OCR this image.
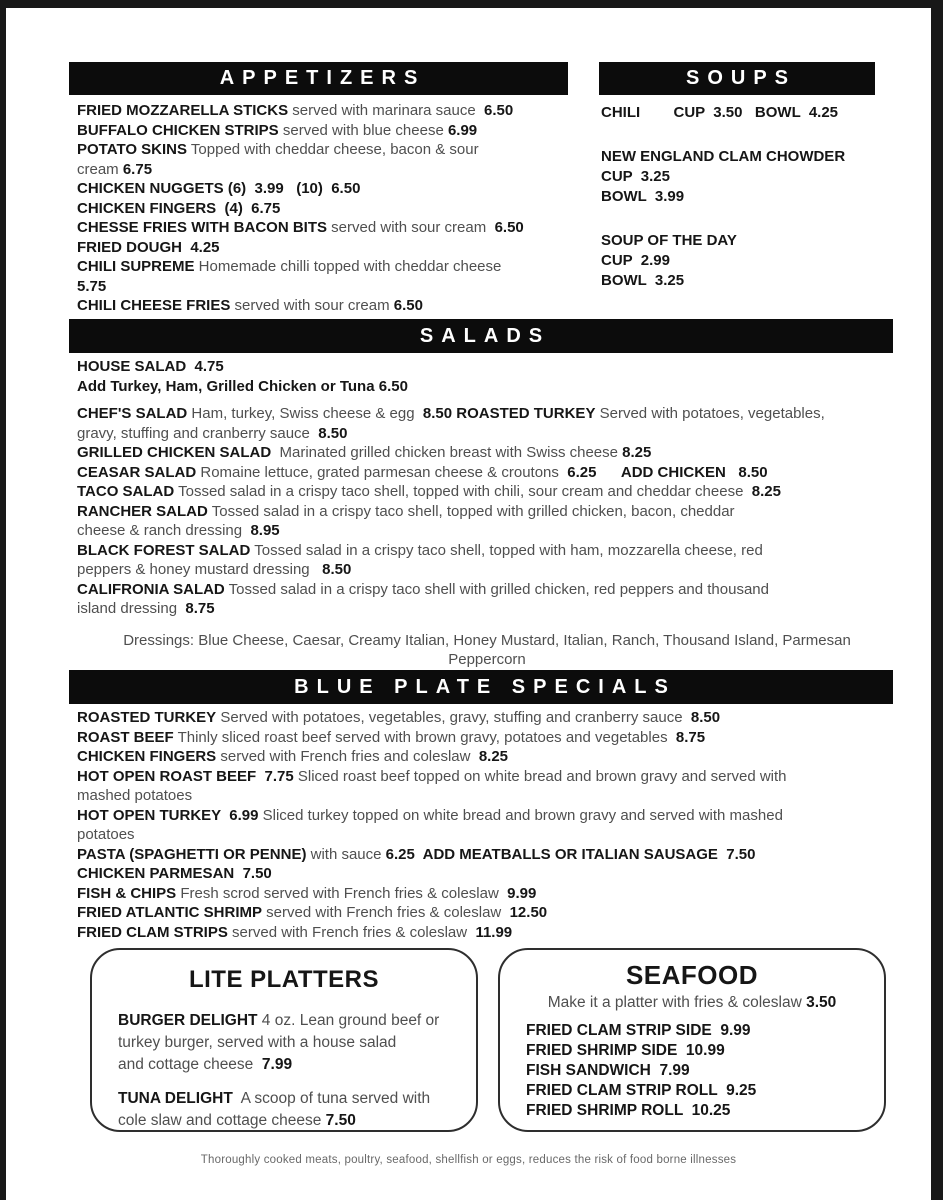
APPETIZERS
FRIED MOZZARELLA STICKS served with marinara sauce  6.50
BUFFALO CHICKEN STRIPS served with blue cheese 6.99
POTATO SKINS Topped with cheddar cheese, bacon & sour
cream 6.75
CHICKEN NUGGETS (6)  3.99   (10)  6.50
CHICKEN FINGERS  (4)  6.75
CHESSE FRIES WITH BACON BITS served with sour cream  6.50
FRIED DOUGH  4.25
CHILI SUPREME Homemade chilli topped with cheddar cheese
5.75
CHILI CHEESE FRIES served with sour cream 6.50
SOUPS
CHILI        CUP  3.50   BOWL  4.25
NEW ENGLAND CLAM CHOWDER
CUP  3.25
BOWL  3.99
SOUP OF THE DAY
CUP  2.99
BOWL  3.25
SALADS
HOUSE SALAD  4.75
Add Turkey, Ham, Grilled Chicken or Tuna 6.50
CHEF'S SALAD Ham, turkey, Swiss cheese & egg  8.50 ROASTED TURKEY Served with potatoes, vegetables,
gravy, stuffing and cranberry sauce  8.50
GRILLED CHICKEN SALAD  Marinated grilled chicken breast with Swiss cheese 8.25
CEASAR SALAD Romaine lettuce, grated parmesan cheese & croutons  6.25      ADD CHICKEN   8.50
TACO SALAD Tossed salad in a crispy taco shell, topped with chili, sour cream and cheddar cheese  8.25
RANCHER SALAD Tossed salad in a crispy taco shell, topped with grilled chicken, bacon, cheddar
cheese & ranch dressing  8.95
BLACK FOREST SALAD Tossed salad in a crispy taco shell, topped with ham, mozzarella cheese, red
peppers & honey mustard dressing   8.50
CALIFRONIA SALAD Tossed salad in a crispy taco shell with grilled chicken, red peppers and thousand
island dressing  8.75
Dressings: Blue Cheese, Caesar, Creamy Italian, Honey Mustard, Italian, Ranch, Thousand Island, Parmesan
Peppercorn
BLUE PLATE SPECIALS
ROASTED TURKEY Served with potatoes, vegetables, gravy, stuffing and cranberry sauce  8.50
ROAST BEEF Thinly sliced roast beef served with brown gravy, potatoes and vegetables  8.75
CHICKEN FINGERS served with French fries and coleslaw  8.25
HOT OPEN ROAST BEEF  7.75 Sliced roast beef topped on white bread and brown gravy and served with
mashed potatoes
HOT OPEN TURKEY  6.99 Sliced turkey topped on white bread and brown gravy and served with mashed
potatoes
PASTA (SPAGHETTI OR PENNE) with sauce 6.25  ADD MEATBALLS OR ITALIAN SAUSAGE  7.50
CHICKEN PARMESAN  7.50
FISH & CHIPS Fresh scrod served with French fries & coleslaw  9.99
FRIED ATLANTIC SHRIMP served with French fries & coleslaw  12.50
FRIED CLAM STRIPS served with French fries & coleslaw  11.99
LITE PLATTERS
BURGER DELIGHT 4 oz. Lean ground beef or
turkey burger, served with a house salad
and cottage cheese  7.99
TUNA DELIGHT  A scoop of tuna served with
cole slaw and cottage cheese 7.50
SEAFOOD
Make it a platter with fries & coleslaw 3.50
FRIED CLAM STRIP SIDE  9.99
FRIED SHRIMP SIDE  10.99
FISH SANDWICH  7.99
FRIED CLAM STRIP ROLL  9.25
FRIED SHRIMP ROLL  10.25
Thoroughly cooked meats, poultry, seafood, shellfish or eggs, reduces the risk of food borne illnesses
